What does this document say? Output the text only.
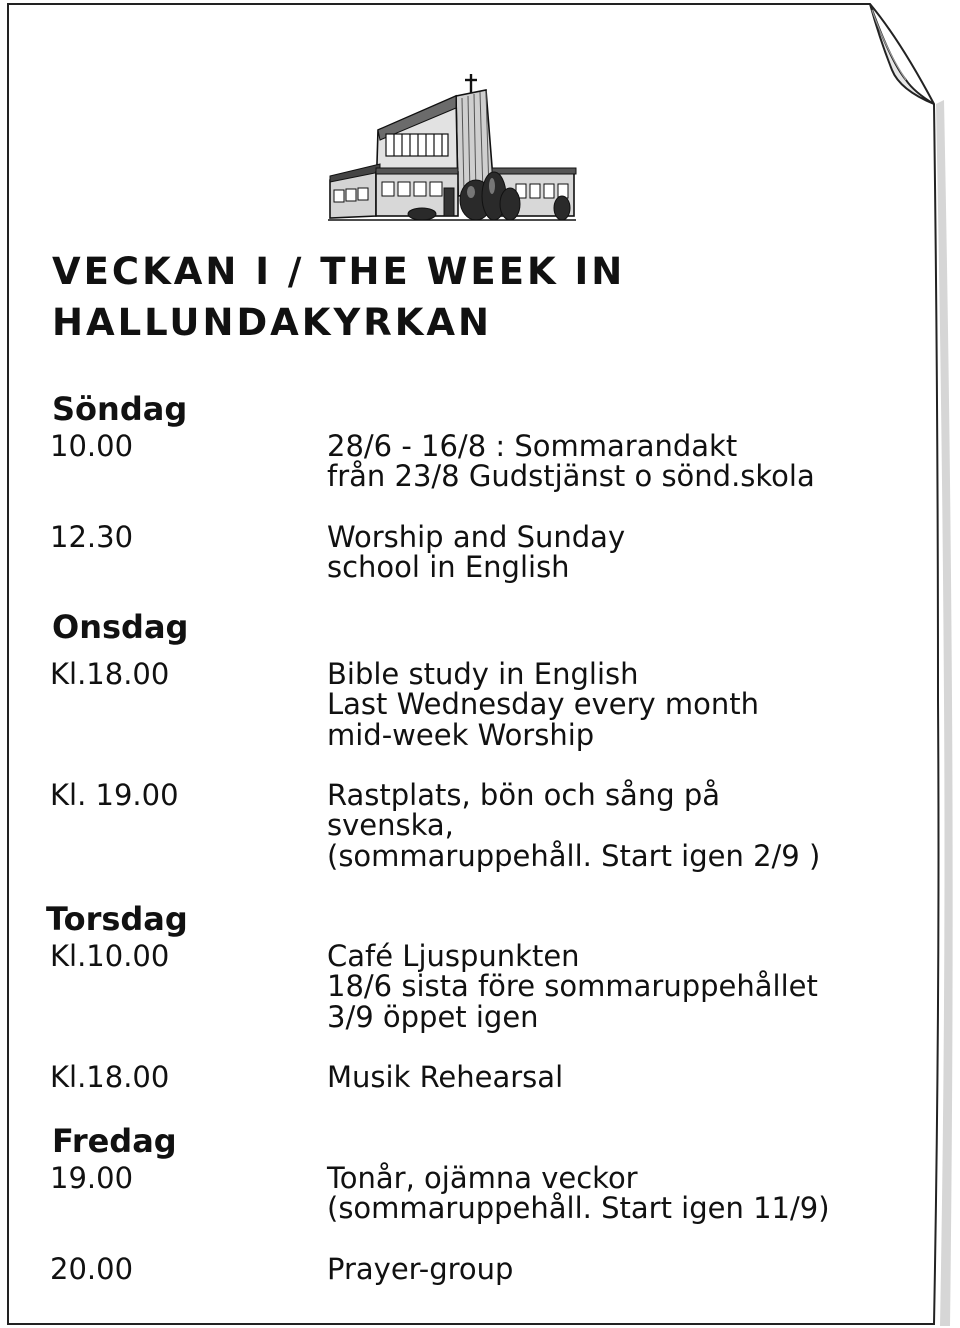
VECKAN I / THE WEEK IN
HALLUNDAKYRKAN
Söndag
10.00	28/6 - 16/8 : Sommarandakt
från 23/8 Gudstjänst o sönd.skola
12.30	Worship and Sunday
school in English
Onsdag
Kl.18.00	Bible study in English
Last Wednesday every month
mid-week Worship
Kl. 19.00	Rastplats, bön och sång på
svenska,
(sommaruppehåll. Start igen 2/9 )
Torsdag
Kl.10.00	Café Ljuspunkten
18/6 sista före sommaruppehållet
3/9 öppet igen
Kl.18.00	Musik Rehearsal
Fredag
19.00	Tonår, ojämna veckor
(sommaruppehåll. Start igen 11/9)
20.00	Prayer-group
